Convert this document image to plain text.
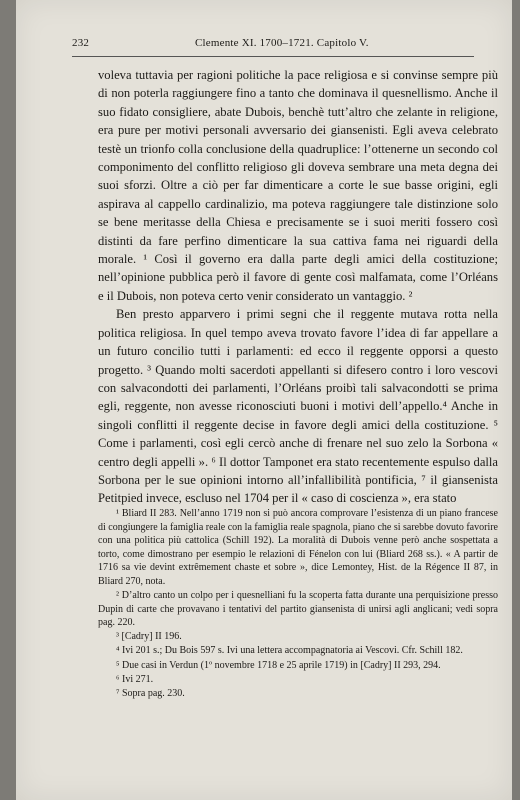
232	Clemente XI. 1700–1721. Capitolo V.

voleva tuttavia per ragioni politiche la pace religiosa e si convinse sempre più di non poterla raggiungere fino a tanto che dominava il quesnellismo. Anche il suo fidato consigliere, abate Dubois, benchè tutt’altro che zelante in religione, era pure per motivi personali avversario dei giansenisti. Egli aveva celebrato testè un trionfo colla conclusione della quadruplice: l’ottenerne un secondo col componimento del conflitto religioso gli doveva sembrare una meta degna dei suoi sforzi. Oltre a ciò per far dimenticare a corte le sue basse origini, egli aspirava al cappello cardinalizio, ma poteva raggiungere tale distinzione solo se bene meritasse della Chiesa e precisamente se i suoi meriti fossero così distinti da fare perfino dimenticare la sua cattiva fama nei riguardi della morale. ¹ Così il governo era dalla parte degli amici della costituzione; nell’opinione pubblica però il favore di gente così malfamata, come l’Orléans e il Dubois, non poteva certo venir considerato un vantaggio. ²

Ben presto apparvero i primi segni che il reggente mutava rotta nella politica religiosa. In quel tempo aveva trovato favore l’idea di far appellare a un futuro concilio tutti i parlamenti: ed ecco il reggente opporsi a questo progetto. ³ Quando molti sacerdoti appellanti si difesero contro i loro vescovi con salvacondotti dei parlamenti, l’Orléans proibì tali salvacondotti se prima egli, reggente, non avesse riconosciuti buoni i motivi dell’appello.⁴ Anche in singoli conflitti il reggente decise in favore degli amici della costituzione. ⁵ Come i parlamenti, così egli cercò anche di frenare nel suo zelo la Sorbona « centro degli appelli ». ⁶ Il dottor Tamponet era stato recentemente espulso dalla Sorbona per le sue opinioni intorno all’infallibilità pontificia, ⁷ il giansenista Petitpied invece, escluso nel 1704 per il « caso di coscienza », era stato

¹ Bliard II 283. Nell’anno 1719 non si può ancora comprovare l’esistenza di un piano francese di congiungere la famiglia reale con la famiglia reale spagnola, piano che si sarebbe dovuto favorire con una politica più cattolica (Schill 192). La moralità di Dubois venne però anche sospettata a torto, come dimostrano per esempio le relazioni di Fénelon con lui (Bliard 268 ss.). « A partir de 1716 sa vie devint extrêmement chaste et sobre », dice Lemontey, Hist. de la Régence II 87, in Bliard 270, nota.

² D’altro canto un colpo per i quesnelliani fu la scoperta fatta durante una perquisizione presso Dupin di carte che provavano i tentativi del partito giansenista di unirsi agli anglicani; vedi sopra pag. 220.

³ [Cadry] II 196.

⁴ Ivi 201 s.; Du Bois 597 s. Ivi una lettera accompagnatoria ai Vescovi. Cfr. Schill 182.

⁵ Due casi in Verdun (1º novembre 1718 e 25 aprile 1719) in [Cadry] II 293, 294.

⁶ Ivi 271.

⁷ Sopra pag. 230.
